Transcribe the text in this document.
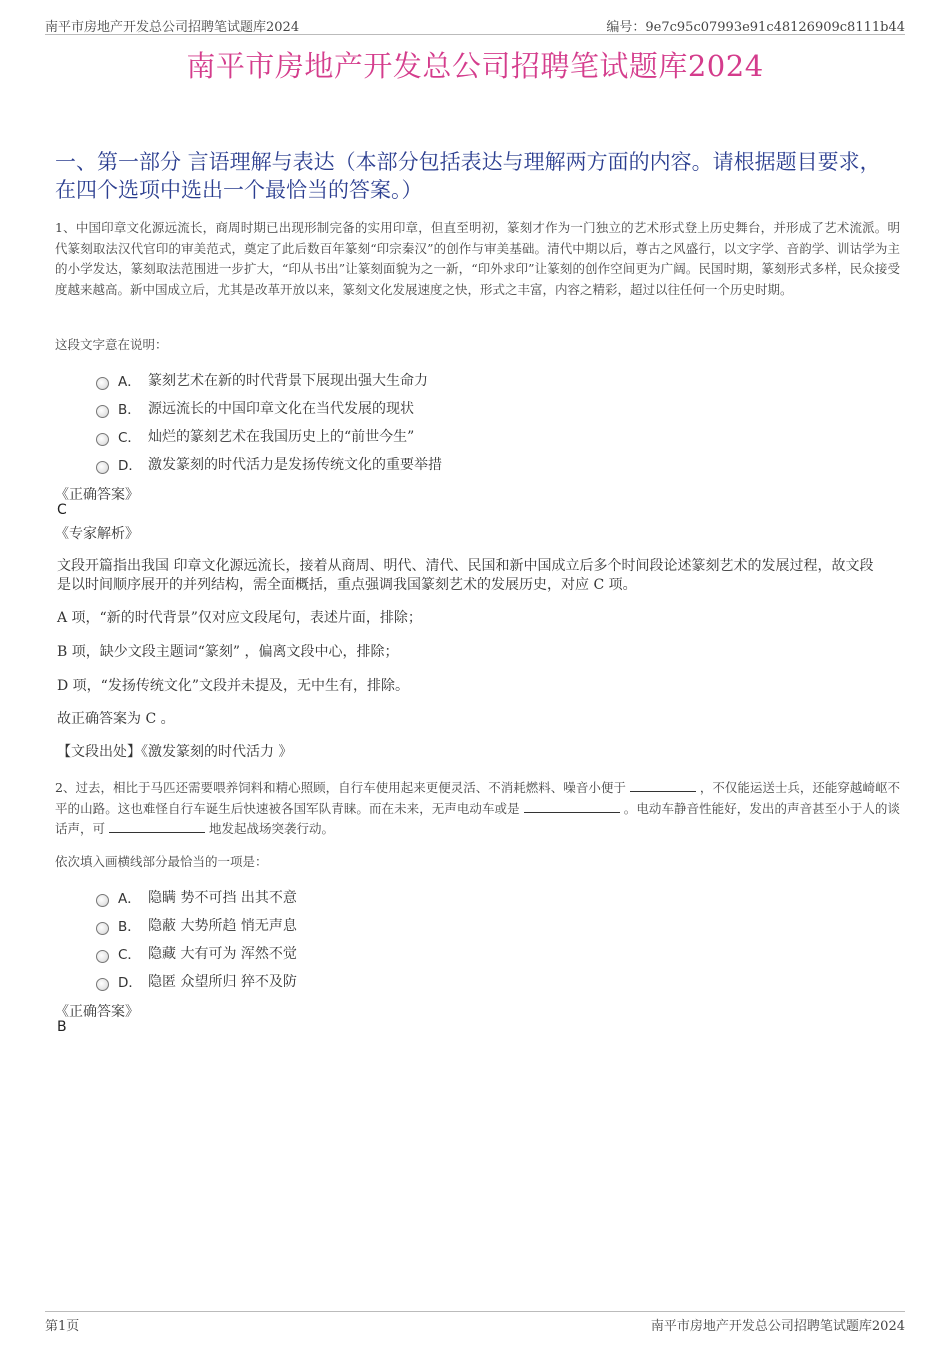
南平市房地产开发总公司招聘笔试题库2024	编号：9e7c95c07993e91c48126909c8111b44
南平市房地产开发总公司招聘笔试题库2024
一、第一部分 言语理解与表达（本部分包括表达与理解两方面的内容。请根据题目要求，在四个选项中选出一个最恰当的答案。）
1、中国印章文化源远流长，商周时期已出现形制完备的实用印章，但直至明初，篆刻才作为一门独立的艺术形式登上历史舞台，并形成了艺术流派。明代篆刻取法汉代官印的审美范式，奠定了此后数百年篆刻“印宗秦汉”的创作与审美基础。清代中期以后，尊古之风盛行，以文字学、音韵学、训诂学为主的小学发达，篆刻取法范围进一步扩大，“印从书出”让篆刻面貌为之一新，“印外求印”让篆刻的创作空间更为广阔。民国时期，篆刻形式多样，民众接受度越来越高。新中国成立后，尤其是改革开放以来，篆刻文化发展速度之快，形式之丰富，内容之精彩，超过以往任何一个历史时期。
这段文字意在说明：
A． 篆刻艺术在新的时代背景下展现出强大生命力
B． 源远流长的中国印章文化在当代发展的现状
C． 灿烂的篆刻艺术在我国历史上的“前世今生”
D． 激发篆刻的时代活力是发扬传统文化的重要举措
《正确答案》
C
《专家解析》
文段开篇指出我国 印章文化源远流长，接着从商周、明代、清代、民国和新中国成立后多个时间段论述篆刻艺术的发展过程，故文段是以时间顺序展开的并列结构，需全面概括，重点强调我国篆刻艺术的发展历史，对应 C 项。
A 项，“新的时代背景”仅对应文段尾句，表述片面，排除；
B 项，缺少文段主题词“篆刻” ，偏离文段中心，排除；
D 项，“发扬传统文化”文段并未提及，无中生有，排除。
故正确答案为 C 。
【文段出处】《激发篆刻的时代活力 》
2、过去，相比于马匹还需要喂养饲料和精心照顾，自行车使用起来更便灵活、不消耗燃料、噪音小便于	，不仅能运送士兵，还能穿越崎岖不平的山路。这也难怪自行车诞生后快速被各国军队青睐。而在未来，无声电动车或是	。电动车静音性能好，发出的声音甚至小于人的谈话声，可	地发起战场突袭行动。
依次填入画横线部分最恰当的一项是：
A． 隐瞒 势不可挡 出其不意
B． 隐蔽 大势所趋 悄无声息
C． 隐藏 大有可为 浑然不觉
D． 隐匿 众望所归 猝不及防
《正确答案》
B
第1页	南平市房地产开发总公司招聘笔试题库2024
